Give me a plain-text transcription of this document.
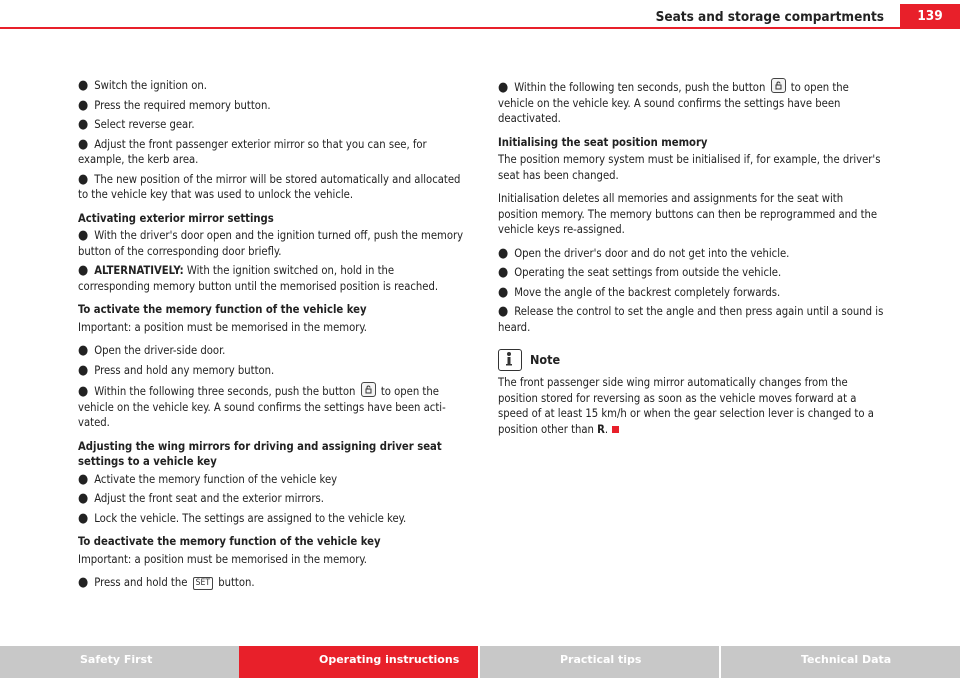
Seats and storage compartments	139
● Switch the ignition on.
● Press the required memory button.
● Select reverse gear.
● Adjust the front passenger exterior mirror so that you can see, for example, the kerb area.
● The new position of the mirror will be stored automatically and allocated to the vehicle key that was used to unlock the vehicle.
Activating exterior mirror settings
● With the driver's door open and the ignition turned off, push the memory button of the corresponding door briefly.
● ALTERNATIVELY: With the ignition switched on, hold in the corresponding memory button until the memorised position is reached.
To activate the memory function of the vehicle key

Important: a position must be memorised in the memory.

● Open the driver-side door.
● Press and hold any memory button.
● Within the following three seconds, push the button
to open the vehicle on the vehicle key. A sound confirms the settings have been acti-vated.
Adjusting the wing mirrors for driving and assigning driver seat settings to a vehicle key
● Activate the memory function of the vehicle key
● Adjust the front seat and the exterior mirrors.
● Lock the vehicle. The settings are assigned to the vehicle key.
To deactivate the memory function of the vehicle key

Important: a position must be memorised in the memory.

● Press and hold the SET button.
● Within the following ten seconds, push the button
to open the vehicle on the vehicle key. A sound confirms the settings have been deactivated.
Initialising the seat position memory

The position memory system must be initialised if, for example, the driver's seat has been changed.

Initialisation deletes all memories and assignments for the seat with position memory. The memory buttons can then be reprogrammed and the vehicle keys re-assigned.

● Open the driver's door and do not get into the vehicle.
● Operating the seat settings from outside the vehicle.
● Move the angle of the backrest completely forwards.
● Release the control to set the angle and then press again until a sound is heard.
Note

The front passenger side wing mirror automatically changes from the position stored for reversing as soon as the vehicle moves forward at a speed of at least 15 km/h or when the gear selection lever is changed to a position other than R.

Safety First	Operating instructions	Practical tips	Technical Data
